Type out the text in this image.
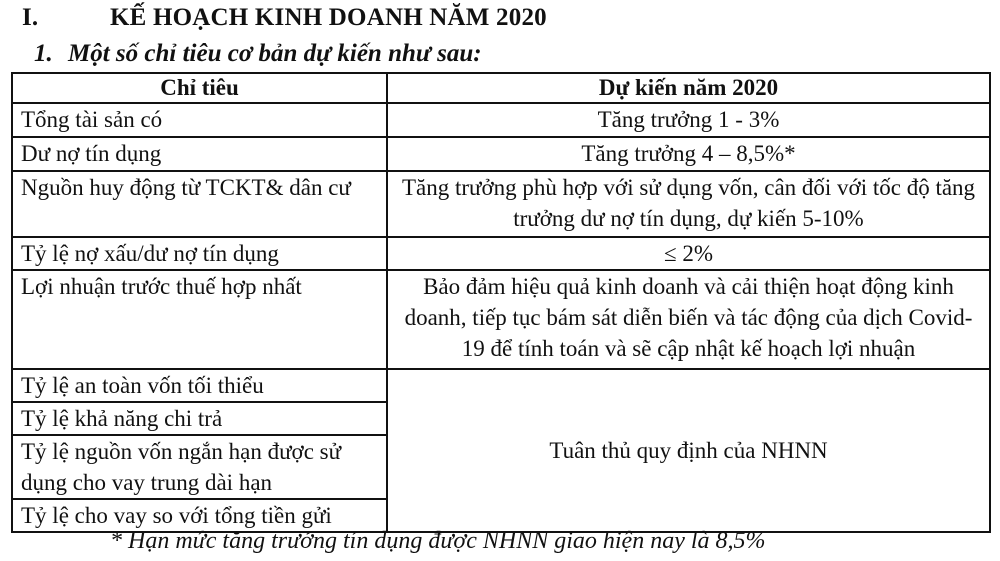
I.	KẾ HOẠCH KINH DOANH NĂM 2020
1. Một số chỉ tiêu cơ bản dự kiến như sau:
Chỉ tiêu	Dự kiến năm 2020
Tổng tài sản có	Tăng trưởng 1 - 3%
Dư nợ tín dụng	Tăng trưởng 4 – 8,5%*
Nguồn huy động từ TCKT& dân cư	Tăng trưởng phù hợp với sử dụng vốn, cân đối với tốc độ tăng trưởng dư nợ tín dụng, dự kiến 5-10%
Tỷ lệ nợ xấu/dư nợ tín dụng	≤ 2%
Lợi nhuận trước thuế hợp nhất	Bảo đảm hiệu quả kinh doanh và cải thiện hoạt động kinh doanh, tiếp tục bám sát diễn biến và tác động của dịch Covid-19 để tính toán và sẽ cập nhật kế hoạch lợi nhuận
Tỷ lệ an toàn vốn tối thiểu	Tuân thủ quy định của NHNN
Tỷ lệ khả năng chi trả	
Tỷ lệ nguồn vốn ngắn hạn được sử dụng cho vay trung dài hạn	
Tỷ lệ cho vay so với tổng tiền gửi	
* Hạn mức tăng trưởng tín dụng được NHNN giao hiện nay là 8,5%
